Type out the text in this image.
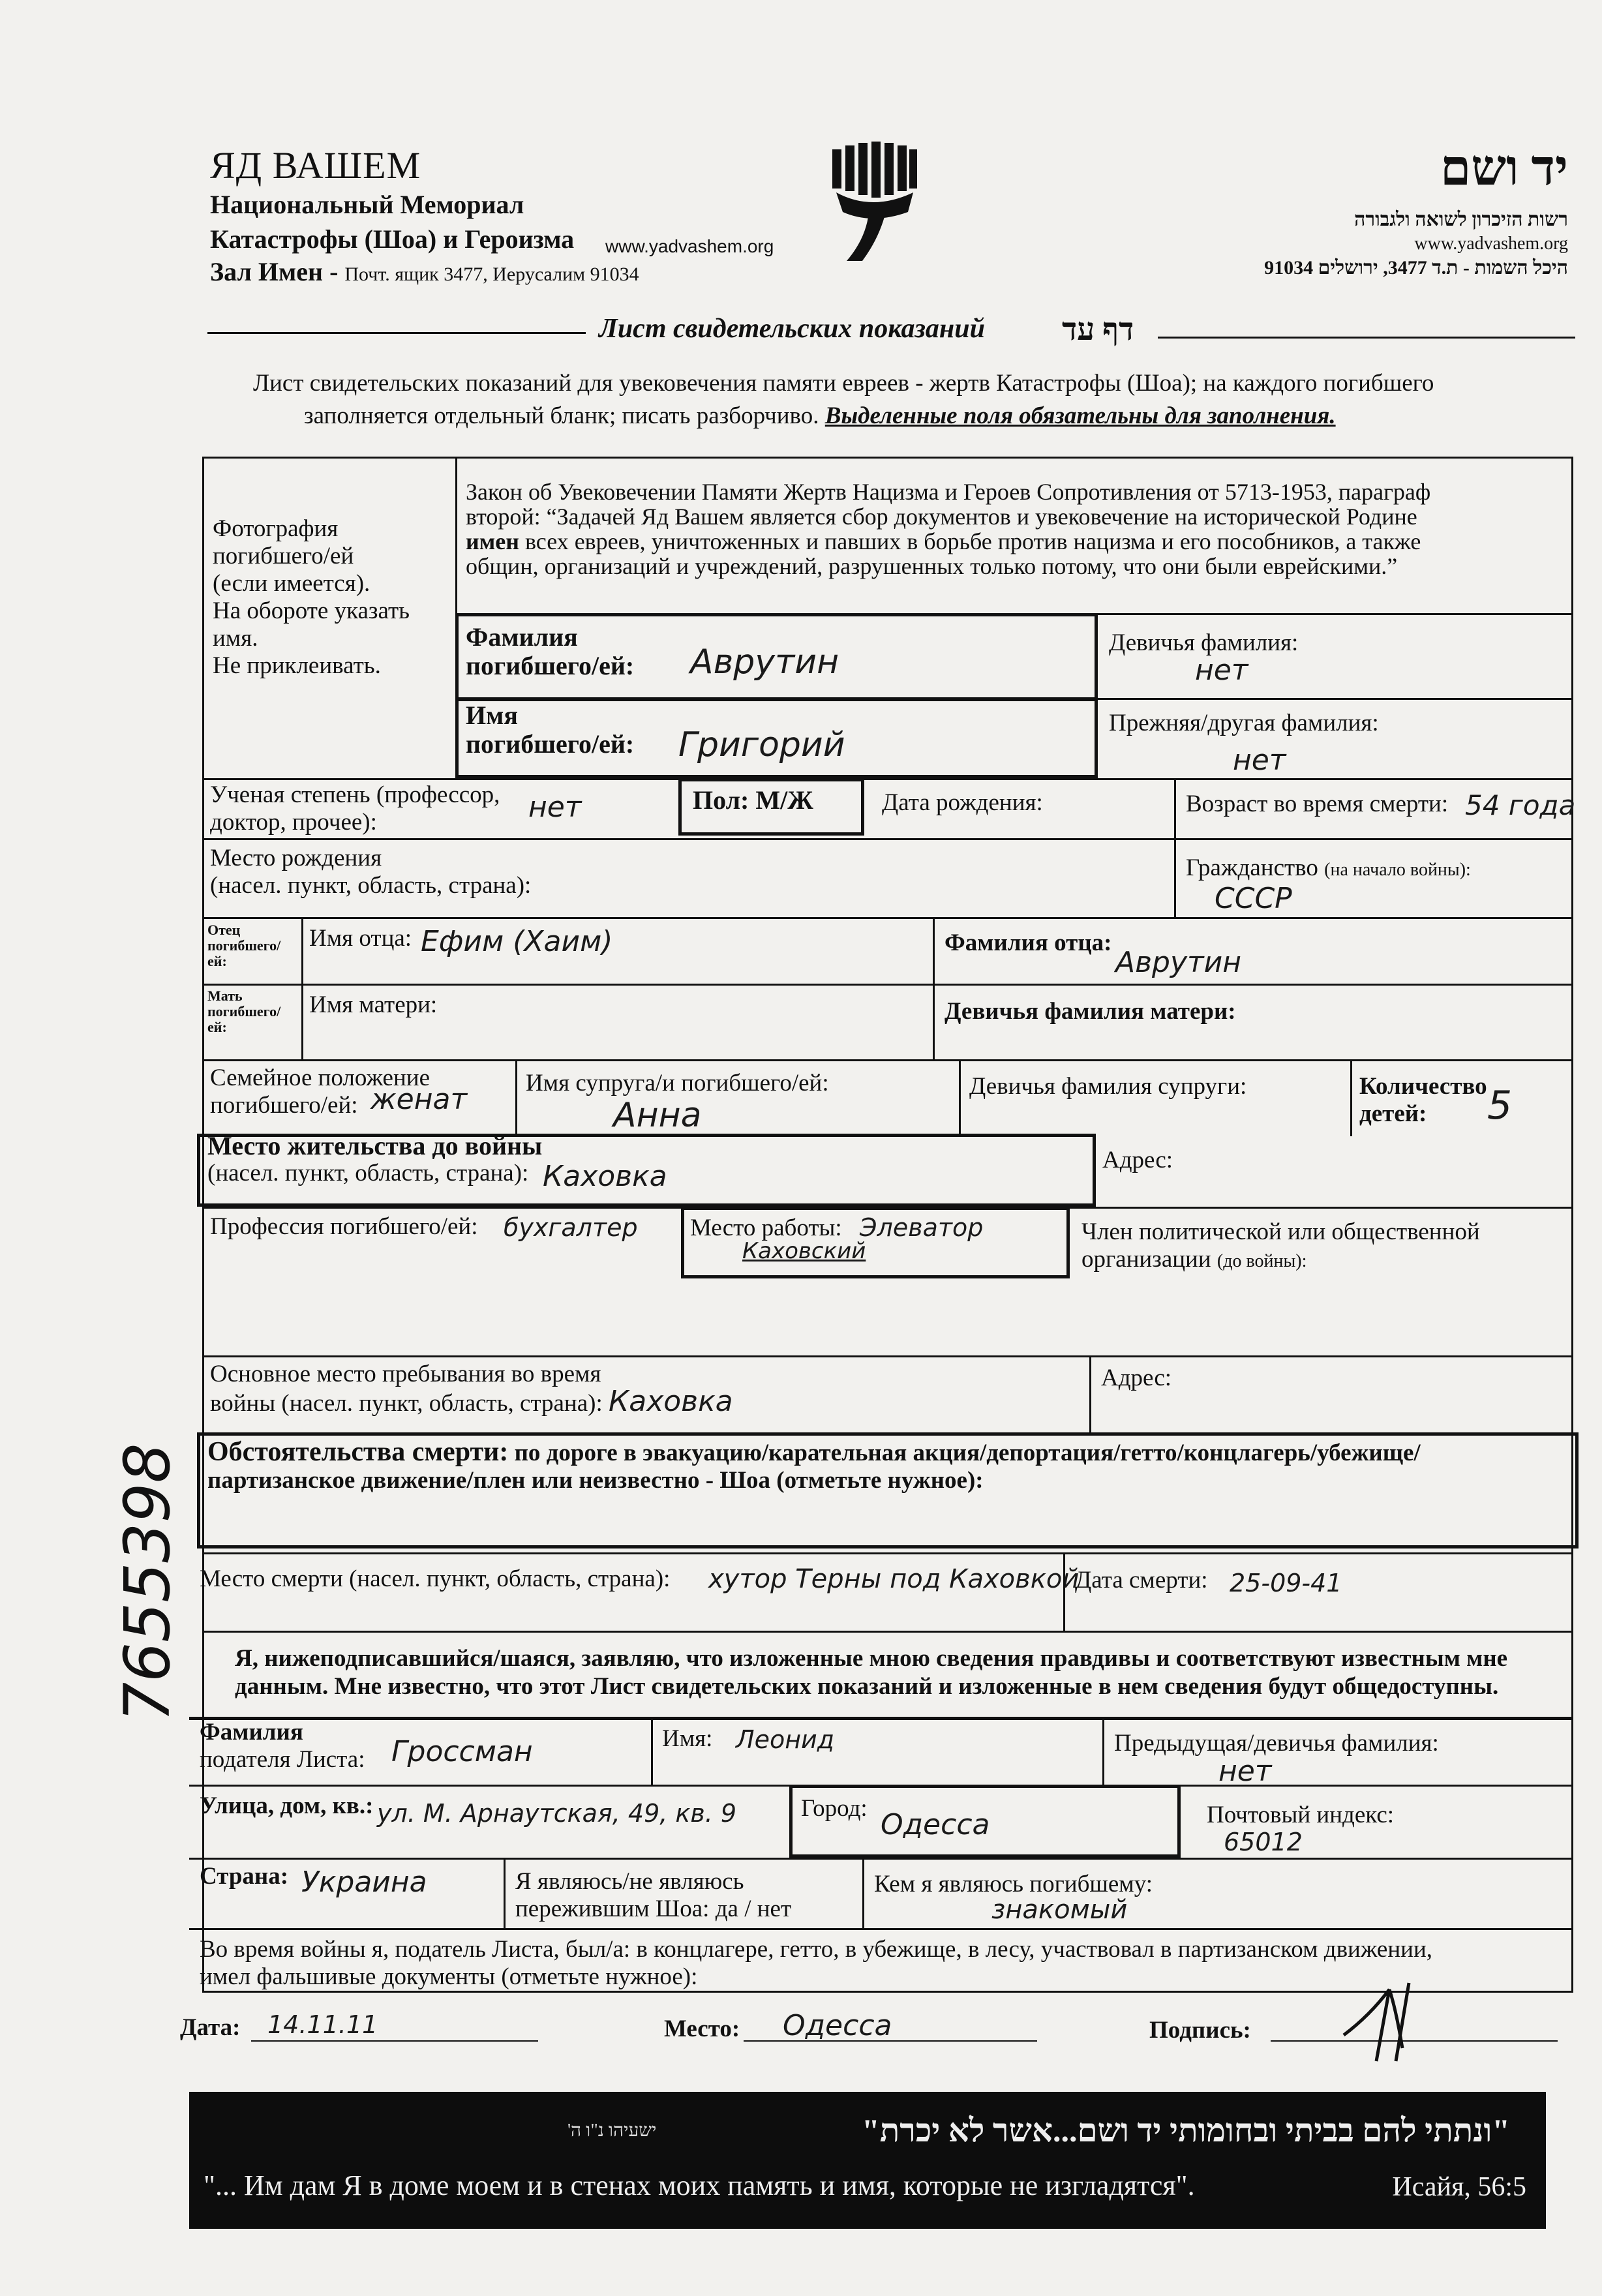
ЯД ВАШЕМ
Национальный Мемориал
Катастрофы (Шоа) и Героизма
Зал Имен - Почт. ящик 3477, Иерусалим 91034
www.yadvashem.org
יד ושם
רשות הזיכרון לשואה ולגבורה
www.yadvashem.org
היכל השמות - ת.ד 3477, ירושלים 91034
Лист свидетельских показаний דף עד
Лист свидетельских показаний для увековечения памяти евреев - жертв Катастрофы (Шоа); на каждого погибшего
заполняется отдельный бланк; писать разборчиво. Выделенные поля обязательны для заполнения.
Фотография
погибшего/ей
(если имеется).
На обороте указать
имя.
Не приклеивать.
Закон об Увековечении Памяти Жертв Нацизма и Героев Сопротивления от 5713-1953, параграф
второй: “Задачей Яд Вашем является сбор документов и увековечение на исторической Родине
имен всех евреев, уничтоженных и павших в борьбе против нацизма и его пособников, а также
общин, организаций и учреждений, разрушенных только потому, что они были еврейскими.”
Фамилия
погибшего/ей: Аврутин	Девичья фамилия:
нет
Имя
погибшего/ей: Григорий
Прежняя/другая фамилия:
нет
Ученая степень (профессор,
доктор, прочее):	нет	Пол: М/Ж	Дата рождения:	Возраст во время смерти: 54 года
Место рождения
(насел. пункт, область, страна):
Гражданство (на начало войны):
СССР
Отец погибшего/ей:
Имя отца: Ефим (Хаим)	Фамилия отца:
Аврутин
Мать погибшего/ей:
Имя матери:	Девичья фамилия матери:
Семейное положение
погибшего/ей: женат Имя супруга/и погибшего/ей:
Анна
Девичья фамилия супруги:	Количество
детей:	5
Место жительства до войны
(насел. пункт, область, страна): Каховка	Адрес:
Профессия погибшего/ей: бухгалтер Место работы: Элеватор
Каховский
Член политической или общественной
организации (до войны):
Основное место пребывания во время
войны (насел. пункт, область, страна): Каховка
Адрес:
Обстоятельства смерти: по дороге в эвакуацию/карательная акция/депортация/гетто/концлагерь/убежище/
партизанское движение/плен или неизвестно - Шоа (отметьте нужное):
Место смерти (насел. пункт, область, страна): хутор Терны под Каховкой
Дата смерти: 25-09-41
Я, нижеподписавшийся/шаяся, заявляю, что изложенные мною сведения правдивы и соответствуют известным мне
данным. Мне известно, что этот Лист свидетельских показаний и изложенные в нем сведения будут общедоступны.
Фамилия
подателя Листа: Гроссман	Имя: Леонид	Предыдущая/девичья фамилия:
нет
Улица, дом, кв.: ул. М. Арнаутская, 49, кв. 9	Город: Одесса	Почтовый индекс:
65012
Страна: Украина	Я являюсь/не являюсь
пережившим Шоа: да / нет
Кем я являюсь погибшему:
знакомый
Во время войны я, податель Листа, был/а: в концлагере, гетто, в убежище, в лесу, участвовал в партизанском движении,
имел фальшивые документы (отметьте нужное):
Дата: 14.11.11	Место: Одесса	Подпись:
"ונתתי להם בביתי ובחומותי יד ושם...אשר לא יכרת"
ישעיהו נ"ו ה'
"... Им дам Я в доме моем и в стенах моих память и имя, которые не изгладятся".	Исайя, 56:5
7655398
